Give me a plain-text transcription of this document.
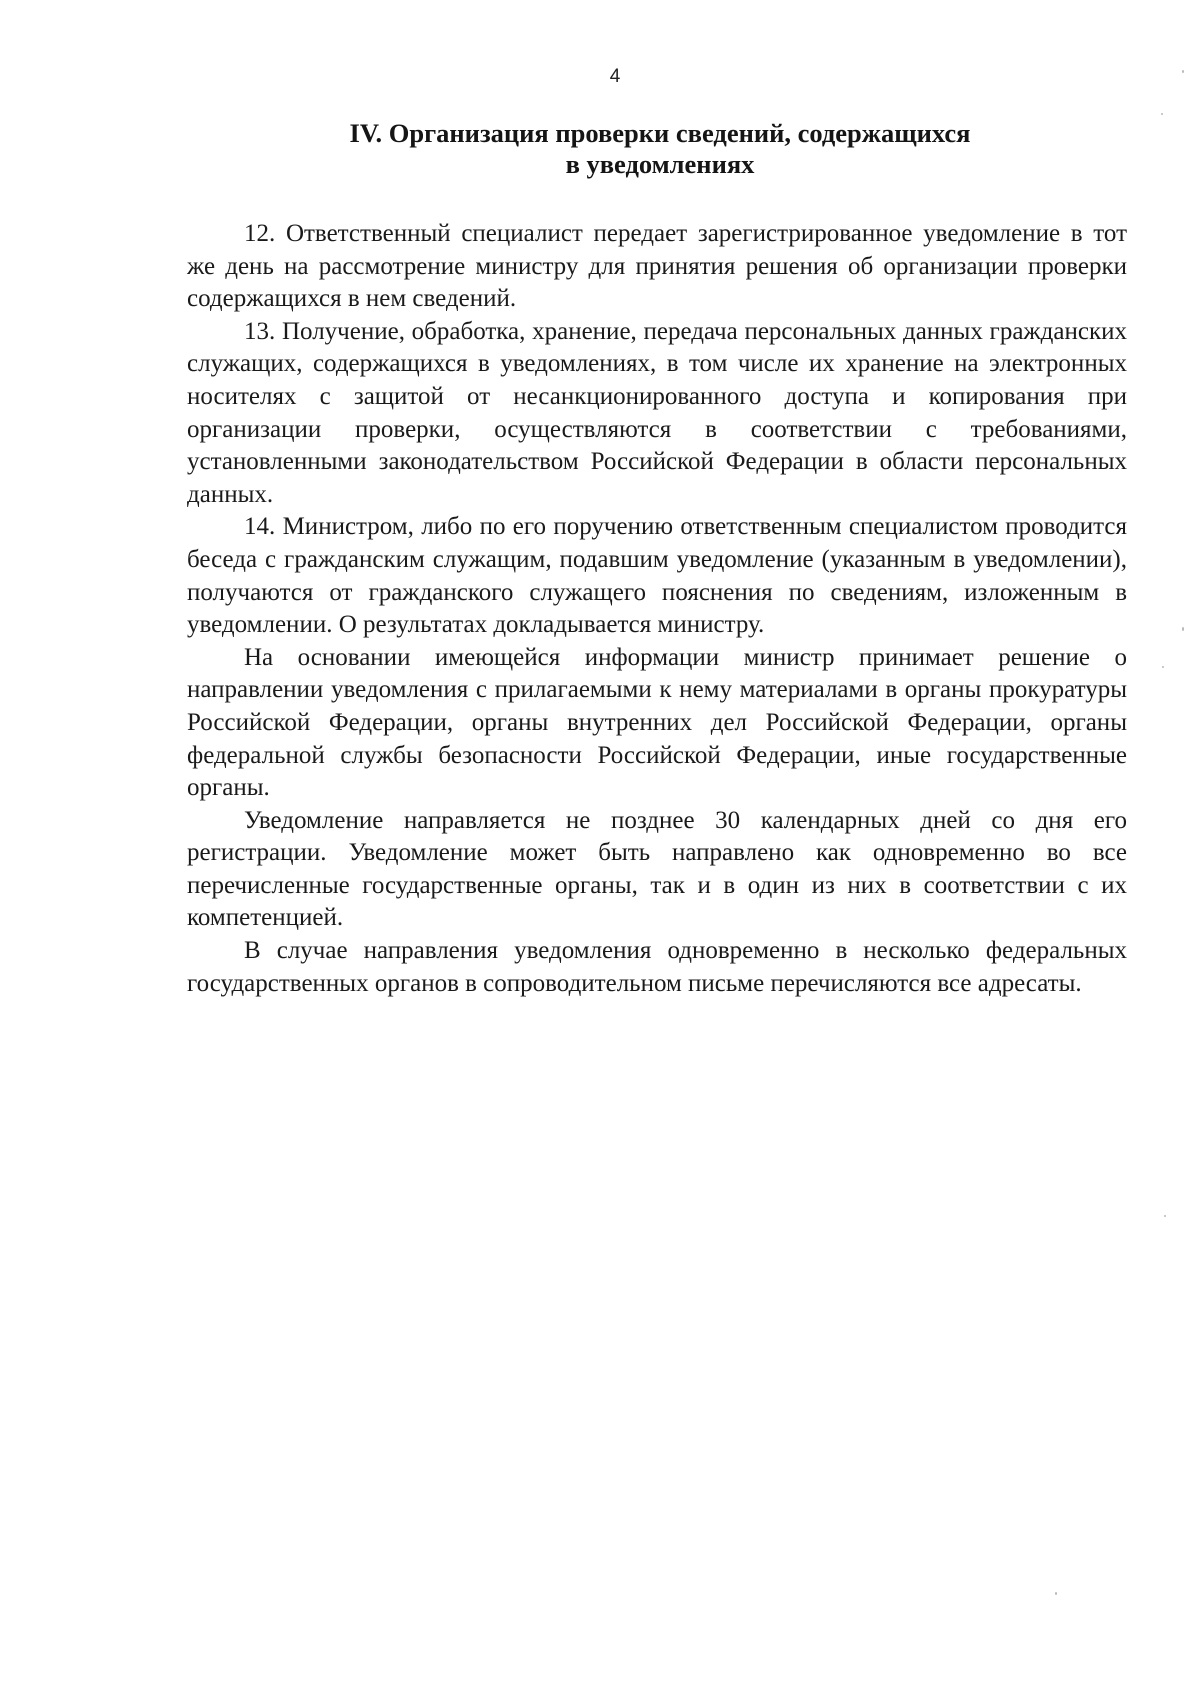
4
IV. Организация проверки сведений, содержащихся
в уведомлениях

12. Ответственный специалист передает зарегистрированное уведомление в тот же день на рассмотрение министру для принятия решения об организации проверки содержащихся в нем сведений.

13. Получение, обработка, хранение, передача персональных данных гражданских служащих, содержащихся в уведомлениях, в том числе их хранение на электронных носителях с защитой от несанкционированного доступа и копирования при организации проверки, осуществляются в соответствии с требованиями, установленными законодательством Российской Федерации в области персональных данных.

14. Министром, либо по его поручению ответственным специалистом проводится беседа с гражданским служащим, подавшим уведомление (указанным в уведомлении), получаются от гражданского служащего пояснения по сведениям, изложенным в уведомлении. О результатах докладывается министру.

На основании имеющейся информации министр принимает решение о направлении уведомления с прилагаемыми к нему материалами в органы прокуратуры Российской Федерации, органы внутренних дел Российской Федерации, органы федеральной службы безопасности Российской Федерации, иные государственные органы.

Уведомление направляется не позднее 30 календарных дней со дня его регистрации. Уведомление может быть направлено как одновременно во все перечисленные государственные органы, так и в один из них в соответствии с их компетенцией.

В случае направления уведомления одновременно в несколько федеральных государственных органов в сопроводительном письме перечисляются все адресаты.
